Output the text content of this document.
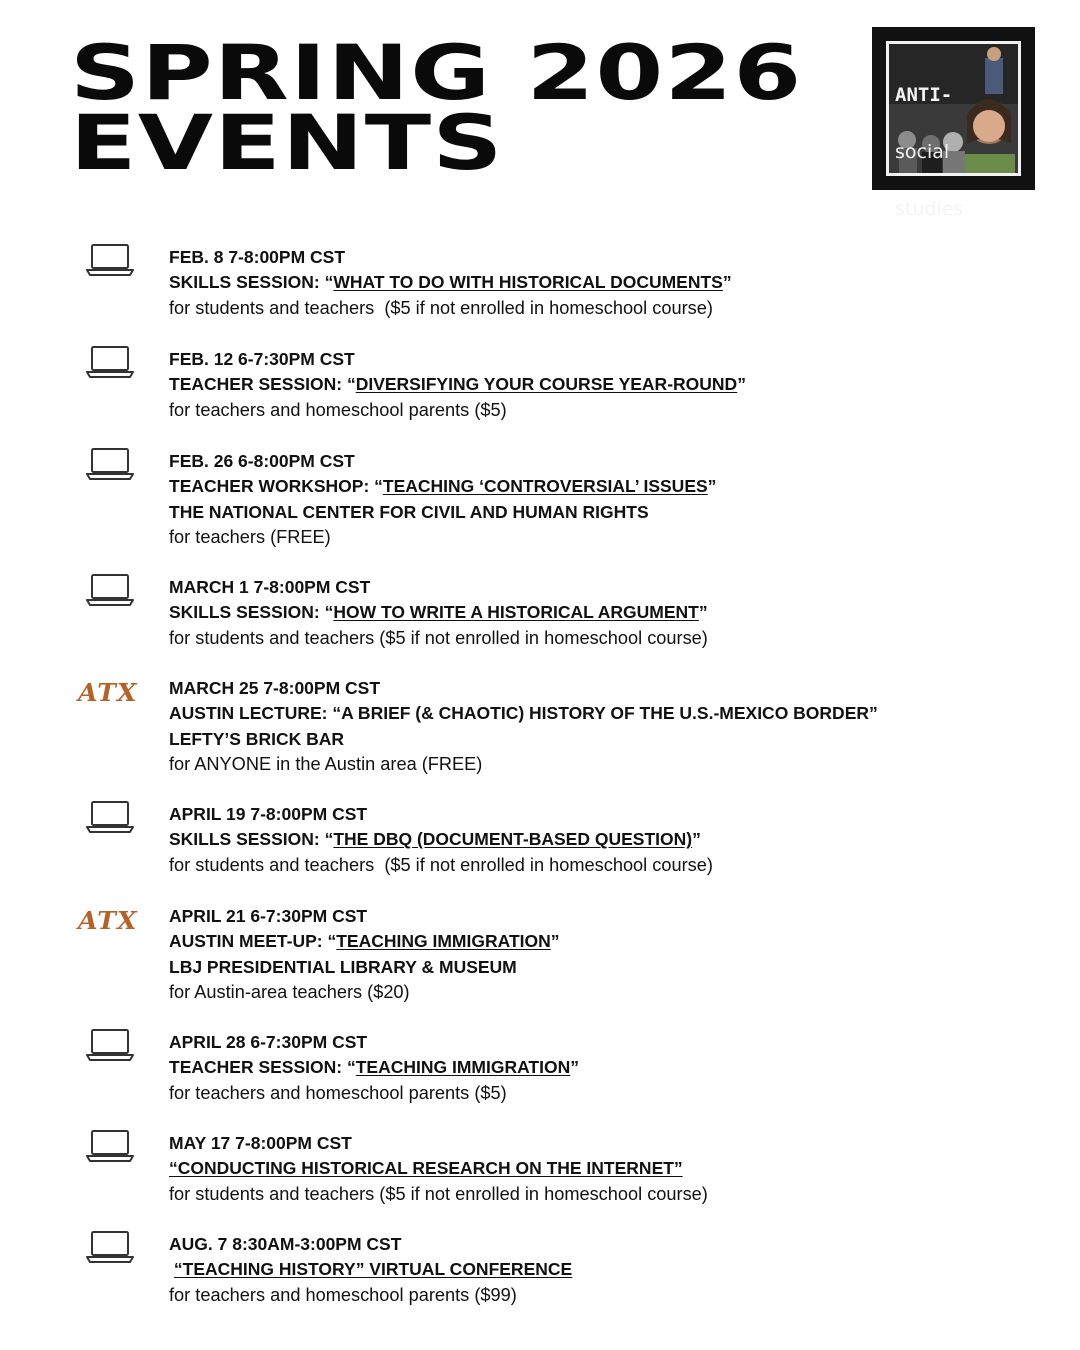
SPRING 2026
EVENTS

ANTI-

social

studies

FEB. 8 7-8:00PM CST
SKILLS SESSION: “WHAT TO DO WITH HISTORICAL DOCUMENTS”
for students and teachers  ($5 if not enrolled in homeschool course)
FEB. 12 6-7:30PM CST
TEACHER SESSION: “DIVERSIFYING YOUR COURSE YEAR-ROUND”
for teachers and homeschool parents ($5)
FEB. 26 6-8:00PM CST
TEACHER WORKSHOP: “TEACHING ‘CONTROVERSIAL’ ISSUES”
THE NATIONAL CENTER FOR CIVIL AND HUMAN RIGHTS
for teachers (FREE)
MARCH 1 7-8:00PM CST
SKILLS SESSION: “HOW TO WRITE A HISTORICAL ARGUMENT”
for students and teachers ($5 if not enrolled in homeschool course)
ATX MARCH 25 7-8:00PM CST
AUSTIN LECTURE: “A BRIEF (& CHAOTIC) HISTORY OF THE U.S.-MEXICO BORDER”
LEFTY’S BRICK BAR
for ANYONE in the Austin area (FREE)
APRIL 19 7-8:00PM CST
SKILLS SESSION: “THE DBQ (DOCUMENT-BASED QUESTION)”
for students and teachers  ($5 if not enrolled in homeschool course)
ATX APRIL 21 6-7:30PM CST
AUSTIN MEET-UP: “TEACHING IMMIGRATION”
LBJ PRESIDENTIAL LIBRARY & MUSEUM
for Austin-area teachers ($20)
APRIL 28 6-7:30PM CST
TEACHER SESSION: “TEACHING IMMIGRATION”
for teachers and homeschool parents ($5)
MAY 17 7-8:00PM CST
“CONDUCTING HISTORICAL RESEARCH ON THE INTERNET”
for students and teachers ($5 if not enrolled in homeschool course)
AUG. 7 8:30AM-3:00PM CST
“TEACHING HISTORY” VIRTUAL CONFERENCE
for teachers and homeschool parents ($99)
